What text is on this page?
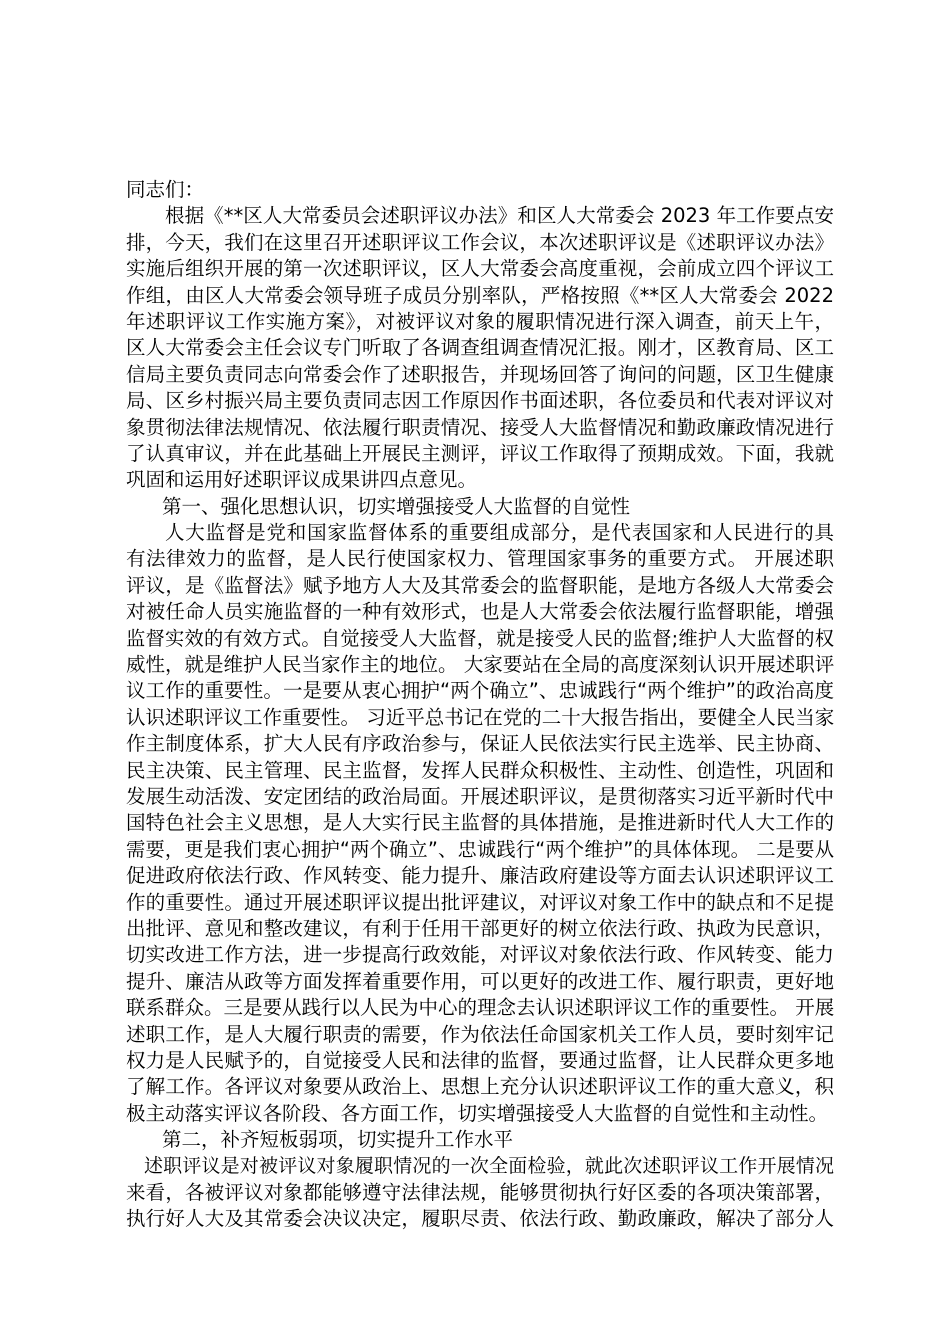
同志们：
根据《**区人大常委员会述职评议办法》和区人大常委会 2023 年工作要点安
排，今天，我们在这里召开述职评议工作会议，本次述职评议是《述职评议办法》
实施后组织开展的第一次述职评议，区人大常委会高度重视，会前成立四个评议工
作组，由区人大常委会领导班子成员分别率队，严格按照《**区人大常委会 2022
年述职评议工作实施方案》，对被评议对象的履职情况进行深入调查，前天上午，
区人大常委会主任会议专门听取了各调查组调查情况汇报。刚才，区教育局、区工
信局主要负责同志向常委会作了述职报告，并现场回答了询问的问题，区卫生健康
局、区乡村振兴局主要负责同志因工作原因作书面述职，各位委员和代表对评议对
象贯彻法律法规情况、依法履行职责情况、接受人大监督情况和勤政廉政情况进行
了认真审议，并在此基础上开展民主测评，评议工作取得了预期成效。下面，我就
巩固和运用好述职评议成果讲四点意见。
第一、强化思想认识，切实增强接受人大监督的自觉性
人大监督是党和国家监督体系的重要组成部分，是代表国家和人民进行的具
有法律效力的监督，是人民行使国家权力、管理国家事务的重要方式。 开展述职
评议，是《监督法》赋予地方人大及其常委会的监督职能，是地方各级人大常委会
对被任命人员实施监督的一种有效形式，也是人大常委会依法履行监督职能，增强
监督实效的有效方式。自觉接受人大监督，就是接受人民的监督;维护人大监督的权
威性，就是维护人民当家作主的地位。 大家要站在全局的高度深刻认识开展述职评
议工作的重要性。一是要从衷心拥护“两个确立”、忠诚践行“两个维护”的政治高度
认识述职评议工作重要性。 习近平总书记在党的二十大报告指出，要健全人民当家
作主制度体系，扩大人民有序政治参与，保证人民依法实行民主选举、民主协商、
民主决策、民主管理、民主监督，发挥人民群众积极性、主动性、创造性，巩固和
发展生动活泼、安定团结的政治局面。开展述职评议，是贯彻落实习近平新时代中
国特色社会主义思想，是人大实行民主监督的具体措施，是推进新时代人大工作的
需要，更是我们衷心拥护“两个确立”、忠诚践行“两个维护”的具体体现。 二是要从
促进政府依法行政、作风转变、能力提升、廉洁政府建设等方面去认识述职评议工
作的重要性。通过开展述职评议提出批评建议，对评议对象工作中的缺点和不足提
出批评、意见和整改建议，有利于任用干部更好的树立依法行政、执政为民意识，
切实改进工作方法，进一步提高行政效能，对评议对象依法行政、作风转变、能力
提升、廉洁从政等方面发挥着重要作用，可以更好的改进工作、履行职责，更好地
联系群众。三是要从践行以人民为中心的理念去认识述职评议工作的重要性。 开展
述职工作，是人大履行职责的需要，作为依法任命国家机关工作人员，要时刻牢记
权力是人民赋予的，自觉接受人民和法律的监督，要通过监督，让人民群众更多地
了解工作。各评议对象要从政治上、思想上充分认识述职评议工作的重大意义，积
极主动落实评议各阶段、各方面工作，切实增强接受人大监督的自觉性和主动性。
第二，补齐短板弱项，切实提升工作水平
述职评议是对被评议对象履职情况的一次全面检验，就此次述职评议工作开展情况
来看，各被评议对象都能够遵守法律法规，能够贯彻执行好区委的各项决策部署，
执行好人大及其常委会决议决定，履职尽责、依法行政、勤政廉政，解决了部分人
